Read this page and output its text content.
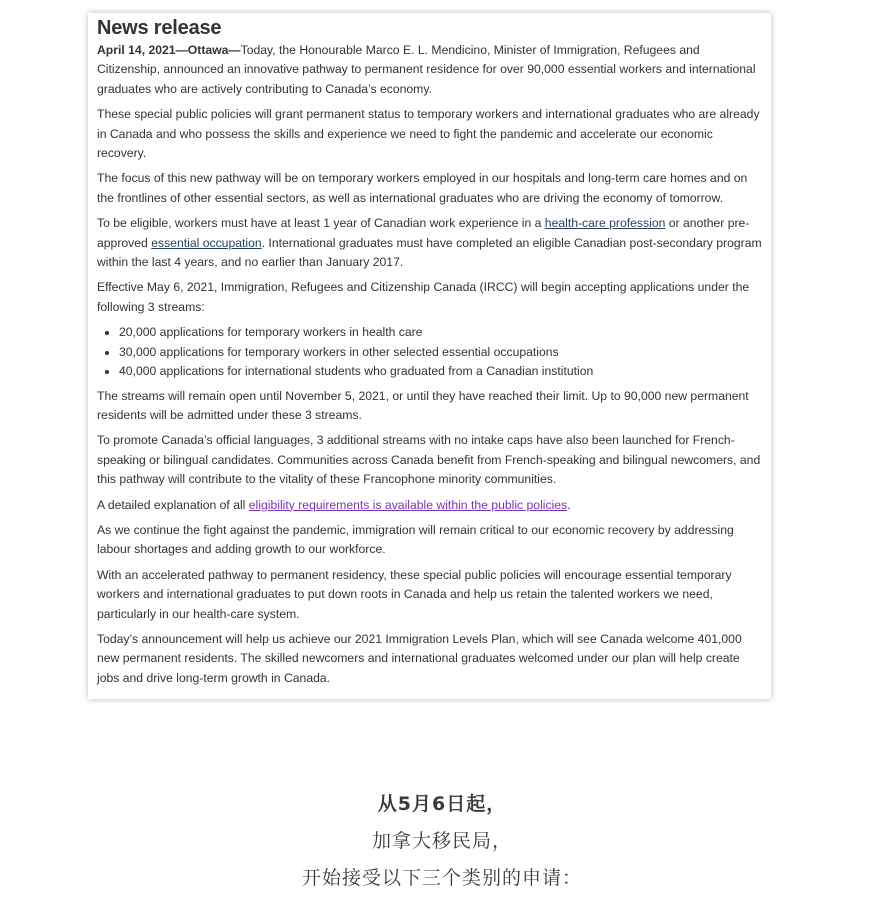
News release

April 14, 2021—Ottawa—Today, the Honourable Marco E. L. Mendicino, Minister of Immigration, Refugees and Citizenship, announced an innovative pathway to permanent residence for over 90,000 essential workers and international graduates who are actively contributing to Canada’s economy.

These special public policies will grant permanent status to temporary workers and international graduates who are already in Canada and who possess the skills and experience we need to fight the pandemic and accelerate our economic recovery.

The focus of this new pathway will be on temporary workers employed in our hospitals and long-term care homes and on the frontlines of other essential sectors, as well as international graduates who are driving the economy of tomorrow.

To be eligible, workers must have at least 1 year of Canadian work experience in a health-care profession or another pre-approved essential occupation. International graduates must have completed an eligible Canadian post-secondary program within the last 4 years, and no earlier than January 2017.

Effective May 6, 2021, Immigration, Refugees and Citizenship Canada (IRCC) will begin accepting applications under the following 3 streams:

• 20,000 applications for temporary workers in health care
• 30,000 applications for temporary workers in other selected essential occupations
• 40,000 applications for international students who graduated from a Canadian institution

The streams will remain open until November 5, 2021, or until they have reached their limit. Up to 90,000 new permanent residents will be admitted under these 3 streams.

To promote Canada’s official languages, 3 additional streams with no intake caps have also been launched for French-speaking or bilingual candidates. Communities across Canada benefit from French-speaking and bilingual newcomers, and this pathway will contribute to the vitality of these Francophone minority communities.

A detailed explanation of all eligibility requirements is available within the public policies.

As we continue the fight against the pandemic, immigration will remain critical to our economic recovery by addressing labour shortages and adding growth to our workforce.

With an accelerated pathway to permanent residency, these special public policies will encourage essential temporary workers and international graduates to put down roots in Canada and help us retain the talented workers we need, particularly in our health-care system.

Today’s announcement will help us achieve our 2021 Immigration Levels Plan, which will see Canada welcome 401,000 new permanent residents. The skilled newcomers and international graduates welcomed under our plan will help create jobs and drive long-term growth in Canada.

从5月6日起，
加拿大移民局，
开始接受以下三个类别的申请：
